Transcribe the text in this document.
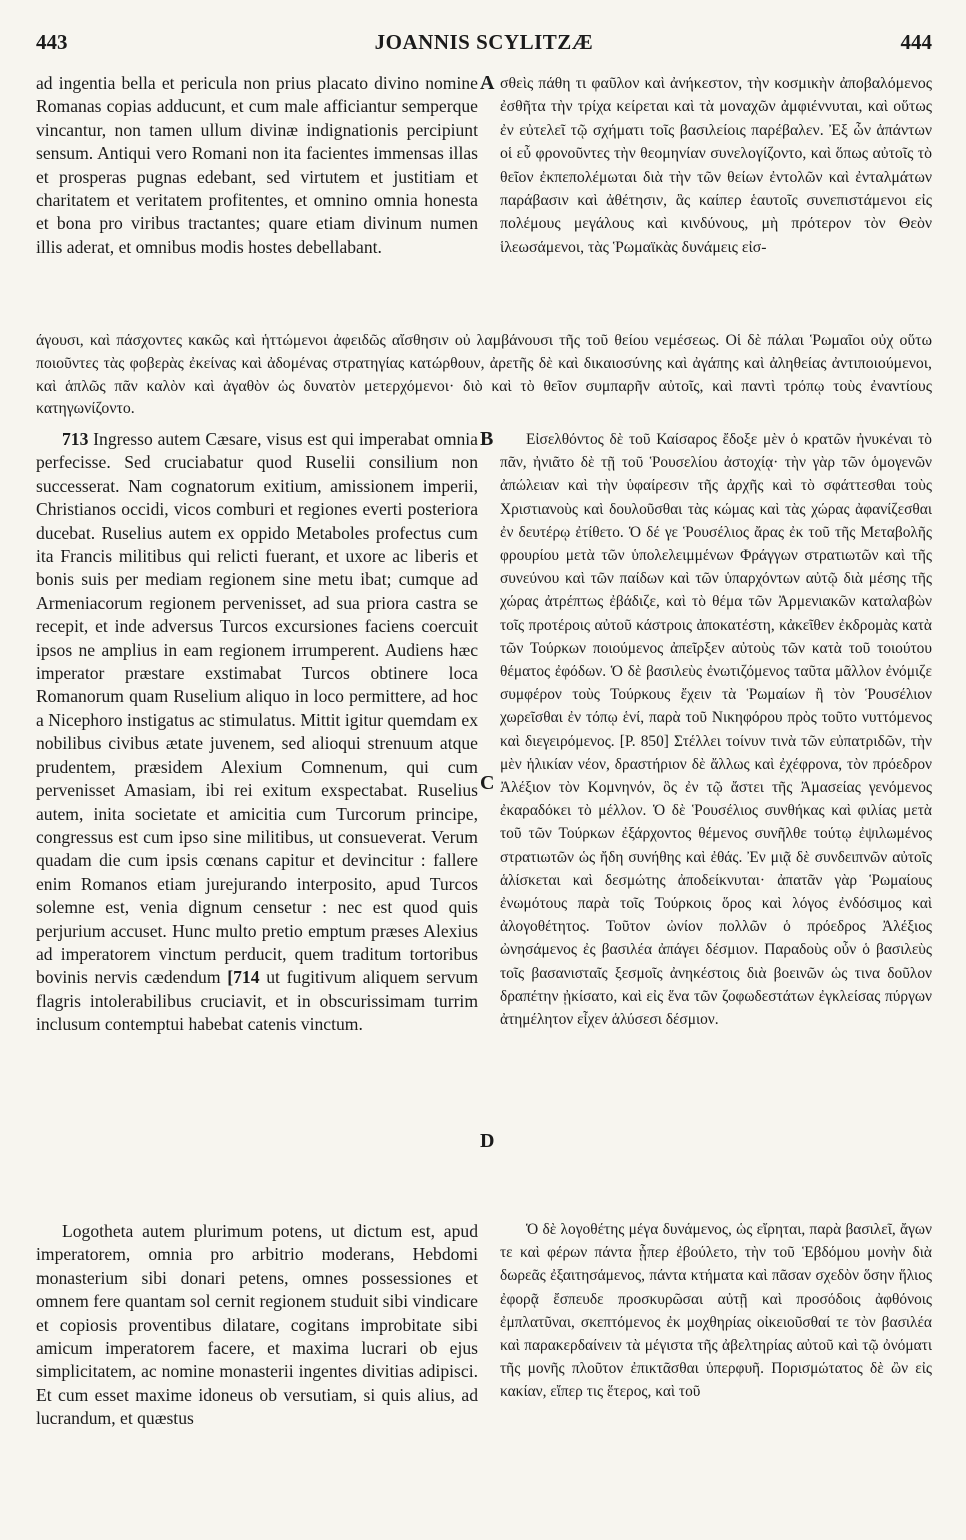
443	JOANNIS SCYLITZÆ	444
A
B
C
D

ad ingentia bella et pericula non prius placato divino nomine Romanas copias adducunt, et cum male afficiantur semperque vincantur, non tamen ullum divinæ indignationis percipiunt sensum. Antiqui vero Romani non ita facientes immensas illas et prosperas pugnas edebant, sed virtutem et justitiam et charitatem et veritatem profitentes, et omnino omnia honesta et bona pro viribus tractantes; quare etiam divinum numen illis aderat, et omnibus modis hostes debellabant.

σθεὶς πάθη τι φαῦλον καὶ ἀνήκεστον, τὴν κοσμικὴν ἀποβαλόμενος ἐσθῆτα τὴν τρίχα κείρεται καὶ τὰ μοναχῶν ἀμφιέννυται, καὶ οὕτως ἐν εὐτελεῖ τῷ σχήματι τοῖς βασιλείοις παρέβαλεν. Ἐξ ὧν ἁπάντων οἱ εὖ φρονοῦντες τὴν θεομηνίαν συνελογίζοντο, καὶ ὅπως αὐτοῖς τὸ θεῖον ἐκπεπολέμωται διὰ τὴν τῶν θείων ἐντολῶν καὶ ἐνταλμάτων παράβασιν καὶ ἀθέτησιν, ἃς καίπερ ἑαυτοῖς συνεπιστάμενοι εἰς πολέμους μεγάλους καὶ κινδύνους, μὴ πρότερον τὸν Θεὸν ἱλεωσάμενοι, τὰς Ῥωμαϊκὰς δυνάμεις εἰσ-

άγουσι, καὶ πάσχοντες κακῶς καὶ ἡττώμενοι ἀφειδῶς αἴσθησιν οὐ λαμβάνουσι τῆς τοῦ θείου νεμέσεως. Οἱ δὲ πάλαι Ῥωμαῖοι οὐχ οὕτω ποιοῦντες τὰς φοβερὰς ἐκείνας καὶ ἀδομένας στρατηγίας κατώρθουν, ἀρετῆς δὲ καὶ δικαιοσύνης καὶ ἀγάπης καὶ ἀληθείας ἀντιποιούμενοι, καὶ ἁπλῶς πᾶν καλὸν καὶ ἀγαθὸν ὡς δυνατὸν μετερχόμενοι· διὸ καὶ τὸ θεῖον συμπαρῆν αὐτοῖς, καὶ παντὶ τρόπῳ τοὺς ἐναντίους κατηγωνίζοντο.

713 Ingresso autem Cæsare, visus est qui imperabat omnia perfecisse. Sed cruciabatur quod Ruselii consilium non successerat. Nam cognatorum exitium, amissionem imperii, Christianos occidi, vicos comburi et regiones everti posteriora ducebat. Ruselius autem ex oppido Metaboles profectus cum ita Francis militibus qui relicti fuerant, et uxore ac liberis et bonis suis per mediam regionem sine metu ibat; cumque ad Armeniacorum regionem pervenisset, ad sua priora castra se recepit, et inde adversus Turcos excursiones faciens coercuit ipsos ne amplius in eam regionem irrumperent. Audiens hæc imperator præstare exstimabat Turcos obtinere loca Romanorum quam Ruselium aliquo in loco permittere, ad hoc a Nicephoro instigatus ac stimulatus. Mittit igitur quemdam ex nobilibus civibus ætate juvenem, sed alioqui strenuum atque prudentem, præsidem Alexium Comnenum, qui cum pervenisset Amasiam, ibi rei exitum exspectabat. Ruselius autem, inita societate et amicitia cum Turcorum principe, congressus est cum ipso sine militibus, ut consueverat. Verum quadam die cum ipsis cœnans capitur et devincitur : fallere enim Romanos etiam jurejurando interposito, apud Turcos solemne est, venia dignum censetur : nec est quod quis perjurium accuset. Hunc multo pretio emptum præses Alexius ad imperatorem vinctum perducit, quem traditum tortoribus bovinis nervis cædendum [714 ut fugitivum aliquem servum flagris intolerabilibus cruciavit, et in obscurissimam turrim inclusum contemptui habebat catenis vinctum.

Logothetа autem plurimum potens, ut dictum est, apud imperatorem, omnia pro arbitrio moderans, Hebdomi monasterium sibi donari petens, omnes possessiones et omnem fere quantam sol cernit regionem studuit sibi vindicare et copiosis proventibus dilatare, cogitans improbitate sibi amicum imperatorem facere, et maxima lucrari ob ejus simplicitatem, ac nomine monasterii ingentes divitias adipisci. Et cum esset maxime idoneus ob versutiam, si quis alius, ad lucrandum, et quæstus

Εἰσελθόντος δὲ τοῦ Καίσαρος ἔδοξε μὲν ὁ κρατῶν ἠνυκέναι τὸ πᾶν, ἠνιᾶτο δὲ τῇ τοῦ Ῥουσελίου ἀστοχίᾳ· τὴν γὰρ τῶν ὁμογενῶν ἀπώλειαν καὶ τὴν ὑφαίρεσιν τῆς ἀρχῆς καὶ τὸ σφάττεσθαι τοὺς Χριστιανοὺς καὶ δουλοῦσθαι τὰς κώμας καὶ τὰς χώρας ἀφανίζεσθαι ἐν δευτέρῳ ἐτίθετο. Ὁ δέ γε Ῥουσέλιος ἄρας ἐκ τοῦ τῆς Μεταβολῆς φρουρίου μετὰ τῶν ὑπολελειμμένων Φράγγων στρατιωτῶν καὶ τῆς συνεύνου καὶ τῶν παίδων καὶ τῶν ὑπαρχόντων αὐτῷ διὰ μέσης τῆς χώρας ἀτρέπτως ἐβάδιζε, καὶ τὸ θέμα τῶν Ἀρμενιακῶν καταλαβὼν τοῖς προτέροις αὐτοῦ κάστροις ἀποκατέστη, κἀκεῖθεν ἐκδρομὰς κατὰ τῶν Τούρκων ποιούμενος ἀπεῖρξεν αὐτοὺς τῶν κατὰ τοῦ τοιούτου θέματος ἐφόδων. Ὁ δὲ βασιλεὺς ἐνωτιζόμενος ταῦτα μᾶλλον ἐνόμιζε συμφέρον τοὺς Τούρκους ἔχειν τὰ Ῥωμαίων ἢ τὸν Ῥουσέλιον χωρεῖσθαι ἐν τόπῳ ἑνί, παρὰ τοῦ Νικηφόρου πρὸς τοῦτο νυττόμενος καὶ διεγειρόμενος. [P. 850] Στέλλει τοίνυν τινὰ τῶν εὐπατριδῶν, τὴν μὲν ἡλικίαν νέον, δραστήριον δὲ ἄλλως καὶ ἐχέφρονα, τὸν πρόεδρον Ἀλέξιον τὸν Κομνηνόν, ὃς ἐν τῷ ἄστει τῆς Ἀμασείας γενόμενος ἐκαραδόκει τὸ μέλλον. Ὁ δὲ Ῥουσέλιος συνθήκας καὶ φιλίας μετὰ τοῦ τῶν Τούρκων ἐξάρχοντος θέμενος συνῆλθε τούτῳ ἐψιλωμένος στρατιωτῶν ὡς ἤδη συνήθης καὶ ἐθάς. Ἐν μιᾷ δὲ συνδειπνῶν αὐτοῖς ἁλίσκεται καὶ δεσμώτης ἀποδείκνυται· ἀπατᾶν γὰρ Ῥωμαίους ἐνωμότους παρὰ τοῖς Τούρκοις ὅρος καὶ λόγος ἐνδόσιμος καὶ ἀλογοθέτητος. Τοῦτον ὠνίον πολλῶν ὁ πρόεδρος Ἀλέξιος ὠνησάμενος ἐς βασιλέα ἀπάγει δέσμιον. Παραδοὺς οὖν ὁ βασιλεὺς τοῖς βασανισταῖς ξεσμοῖς ἀνηκέστοις διὰ βοεινῶν ὡς τινα δοῦλον δραπέτην ᾐκίσατο, καὶ εἰς ἕνα τῶν ζοφωδεστάτων ἐγκλείσας πύργων ἀτημέλητον εἶχεν ἁλύσεσι δέσμιον.

Ὁ δὲ λογοθέτης μέγα δυνάμενος, ὡς εἴρηται, παρὰ βασιλεῖ, ἄγων τε καὶ φέρων πάντα ᾗπερ ἐβούλετο, τὴν τοῦ Ἑβδόμου μονὴν διὰ δωρεᾶς ἐξαιτησάμενος, πάντα κτήματα καὶ πᾶσαν σχεδὸν ὅσην ἥλιος ἐφορᾷ ἔσπευδε προσκυρῶσαι αὐτῇ καὶ προσόδοις ἀφθόνοις ἐμπλατῦναι, σκεπτόμενος ἐκ μοχθηρίας οἰκειοῦσθαί τε τὸν βασιλέα καὶ παρακερδαίνειν τὰ μέγιστα τῆς ἀβελτηρίας αὐτοῦ καὶ τῷ ὀνόματι τῆς μονῆς πλοῦτον ἐπικτᾶσθαι ὑπερφυῆ. Πορισμώτατος δὲ ὢν εἰς κακίαν, εἴπερ τις ἕτερος, καὶ τοῦ
